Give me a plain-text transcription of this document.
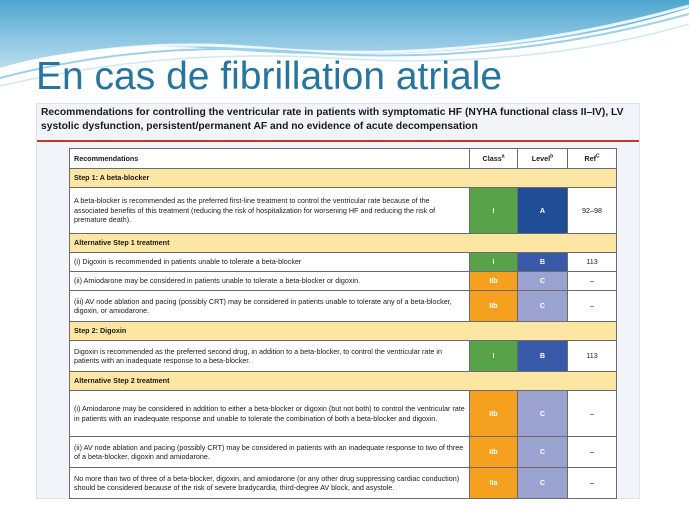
En cas de fibrillation atriale
Recommendations for controlling the ventricular rate in patients with symptomatic HF (NYHA functional class II–IV), LV systolic dysfunction, persistent/permanent AF and no evidence of acute decompensation
Recommendations	Class$^a$	Level$^b$	Ref$^C$
Step 1: A beta-blocker			
A beta-blocker is recommended as the preferred first-line treatment to control the ventricular rate because of the associated benefits of this treatment (reducing the risk of hospitalization for worsening HF and reducing the risk of premature death).	I	A	92–98
Alternative Step 1 treatment			
(i) Digoxin is recommended in patients unable to tolerate a beta-blocker	I	B	113
(ii) Amiodarone may be considered in patients unable to tolerate a beta-blocker or digoxin.	IIb	C	–
(iii) AV node ablation and pacing (possibly CRT) may be considered in patients unable to tolerate any of a beta-blocker, digoxin, or amiodarone.	IIb	C	–
Step 2: Digoxin			
Digoxin is recommended as the preferred second drug, in addition to a beta-blocker, to control the ventricular rate in patients with an inadequate response to a beta-blocker.	I	B	113
Alternative Step 2 treatment			
(i) Amiodarone may be considered in addition to either a beta-blocker or digoxin (but not both) to control the ventricular rate in patients with an inadequate response and unable to tolerate the combination of both a beta-blocker and digoxin.	IIb	C	–
(ii) AV node ablation and pacing (possibly CRT) may be considered in patients with an inadequate response to two of three of a beta-blocker, digoxin and amiodarone.	IIb	C	–
No more than two of three of a beta-blocker, digoxin, and amiodarone (or any other drug suppressing cardiac conduction) should be considered because of the risk of severe bradycardia, third-degree AV block, and asystole.	IIa	C	–
